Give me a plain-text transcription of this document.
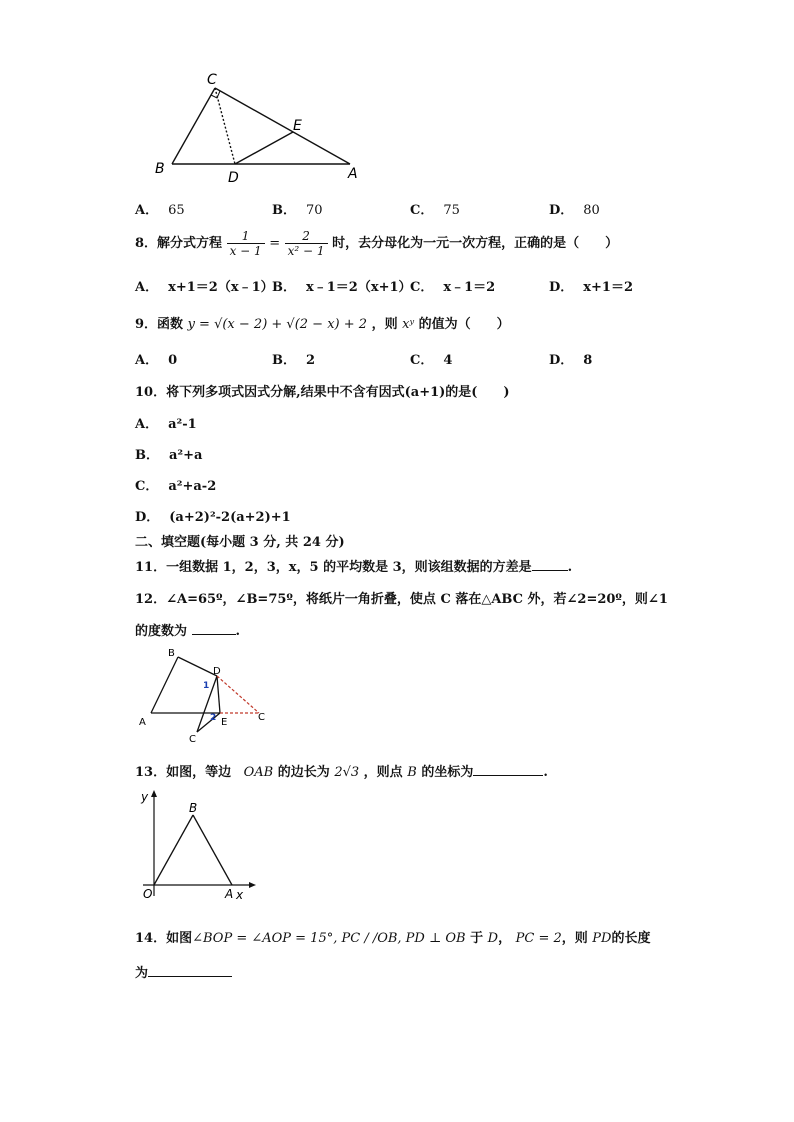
C
E
B
D	A
A． 65	B． 70	C． 75	D． 80
8．解分式方程 $\frac{1}{x - 1} = \frac{2}{\text{x² − 1}}$ 时，去分母化为一元一次方程，正确的是（　　）
A． x+1＝2（x﹣1）
B． x﹣1＝2（x+1）
C． x﹣1＝2	D． x+1＝2
9．函数 y = √(x − 2) + √(2 − x) + 2 ，则 xʸ 的值为（　　）
A． 0	B． 2	C． 4	D． 8
10．将下列多项式因式分解,结果中不含有因式(a+1)的是(　　)
A． a²-1
B． a²+a
C． a²+a-2
D． (a+2)²-2(a+2)+1
二、填空题(每小题 3 分, 共 24 分)
11．一组数据 1，2，3，x，5 的平均数是 3，则该组数据的方差是	.
12．∠A=65º，∠B=75º，将纸片一角折叠，使点 C 落在△ABC 外，若∠2=20º，则∠1
的度数为	.
B
D
1
2
A	E	C
C
13．如图，等边 OAB 的边长为 2√3 ，则点 B 的坐标为	.
y
B
O	A x
14．如图∠BOP = ∠AOP = 15°, PC / /OB, PD ⊥ OB 于 D， PC = 2，则 PD的长度
为
